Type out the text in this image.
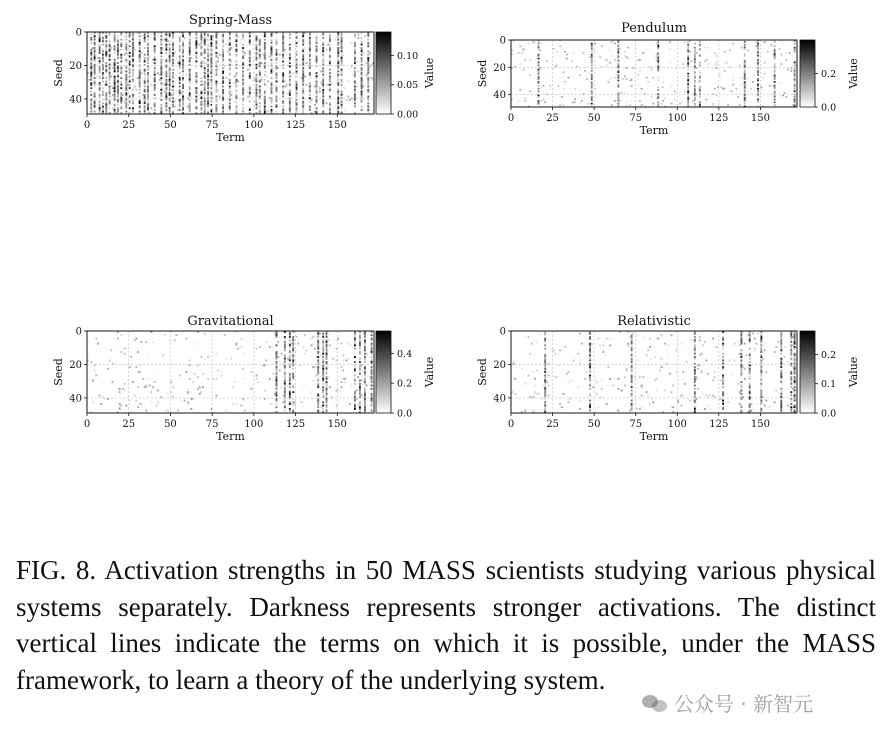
Spring-Mass
0	25	50	75	100 125 150
Term
0
20
40
Seed
0.00
0.05
0.10
Value
Pendulum
0	25	50	75	100 125 150
Term
0
20
40
Seed
0.0
0.2 Value
Gravitational
0	25	50	75	100 125 150
Term
0
20
40
Seed
0.0
0.2
0.4
Value
Relativistic
0	25	50	75	100 125 150
Term
0
20
40
Seed
0.0
0.1
0.2
Value
FIG. 8. Activation strengths in 50 MASS scientists studying various physical systems separately. Darkness represents stronger activations. The distinct vertical lines indicate the terms on which it is possible, under the MASS framework, to learn a theory of the underlying system.
公众号 · 新智元
